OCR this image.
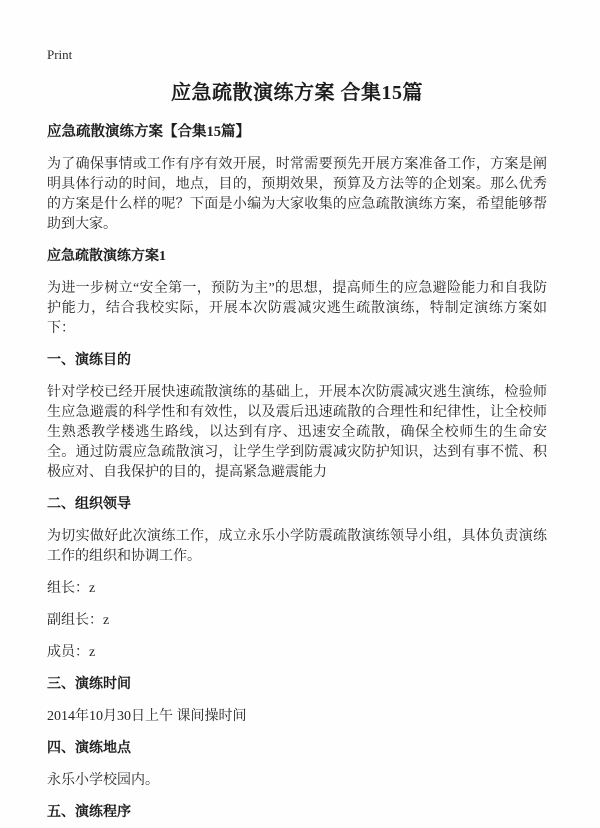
Print
应急疏散演练方案 合集15篇
应急疏散演练方案【合集15篇】

为了确保事情或工作有序有效开展，时常需要预先开展方案准备工作，方案是阐明具体行动的时间，地点，目的，预期效果，预算及方法等的企划案。那么优秀的方案是什么样的呢？下面是小编为大家收集的应急疏散演练方案，希望能够帮助到大家。

应急疏散演练方案1

为进一步树立“安全第一，预防为主”的思想，提高师生的应急避险能力和自我防护能力，结合我校实际，开展本次防震减灾逃生疏散演练，特制定演练方案如下：

一、演练目的

针对学校已经开展快速疏散演练的基础上，开展本次防震减灾逃生演练，检验师生应急避震的科学性和有效性，以及震后迅速疏散的合理性和纪律性，让全校师生熟悉教学楼逃生路线，以达到有序、迅速安全疏散，确保全校师生的生命安全。通过防震应急疏散演习，让学生学到防震减灾防护知识，达到有事不慌、积极应对、自我保护的目的，提高紧急避震能力

二、组织领导

为切实做好此次演练工作，成立永乐小学防震疏散演练领导小组，具体负责演练工作的组织和协调工作。

组长：z

副组长：z

成员：z

三、演练时间

2014年10月30日上午 课间操时间

四、演练地点

永乐小学校园内。

五、演练程序
